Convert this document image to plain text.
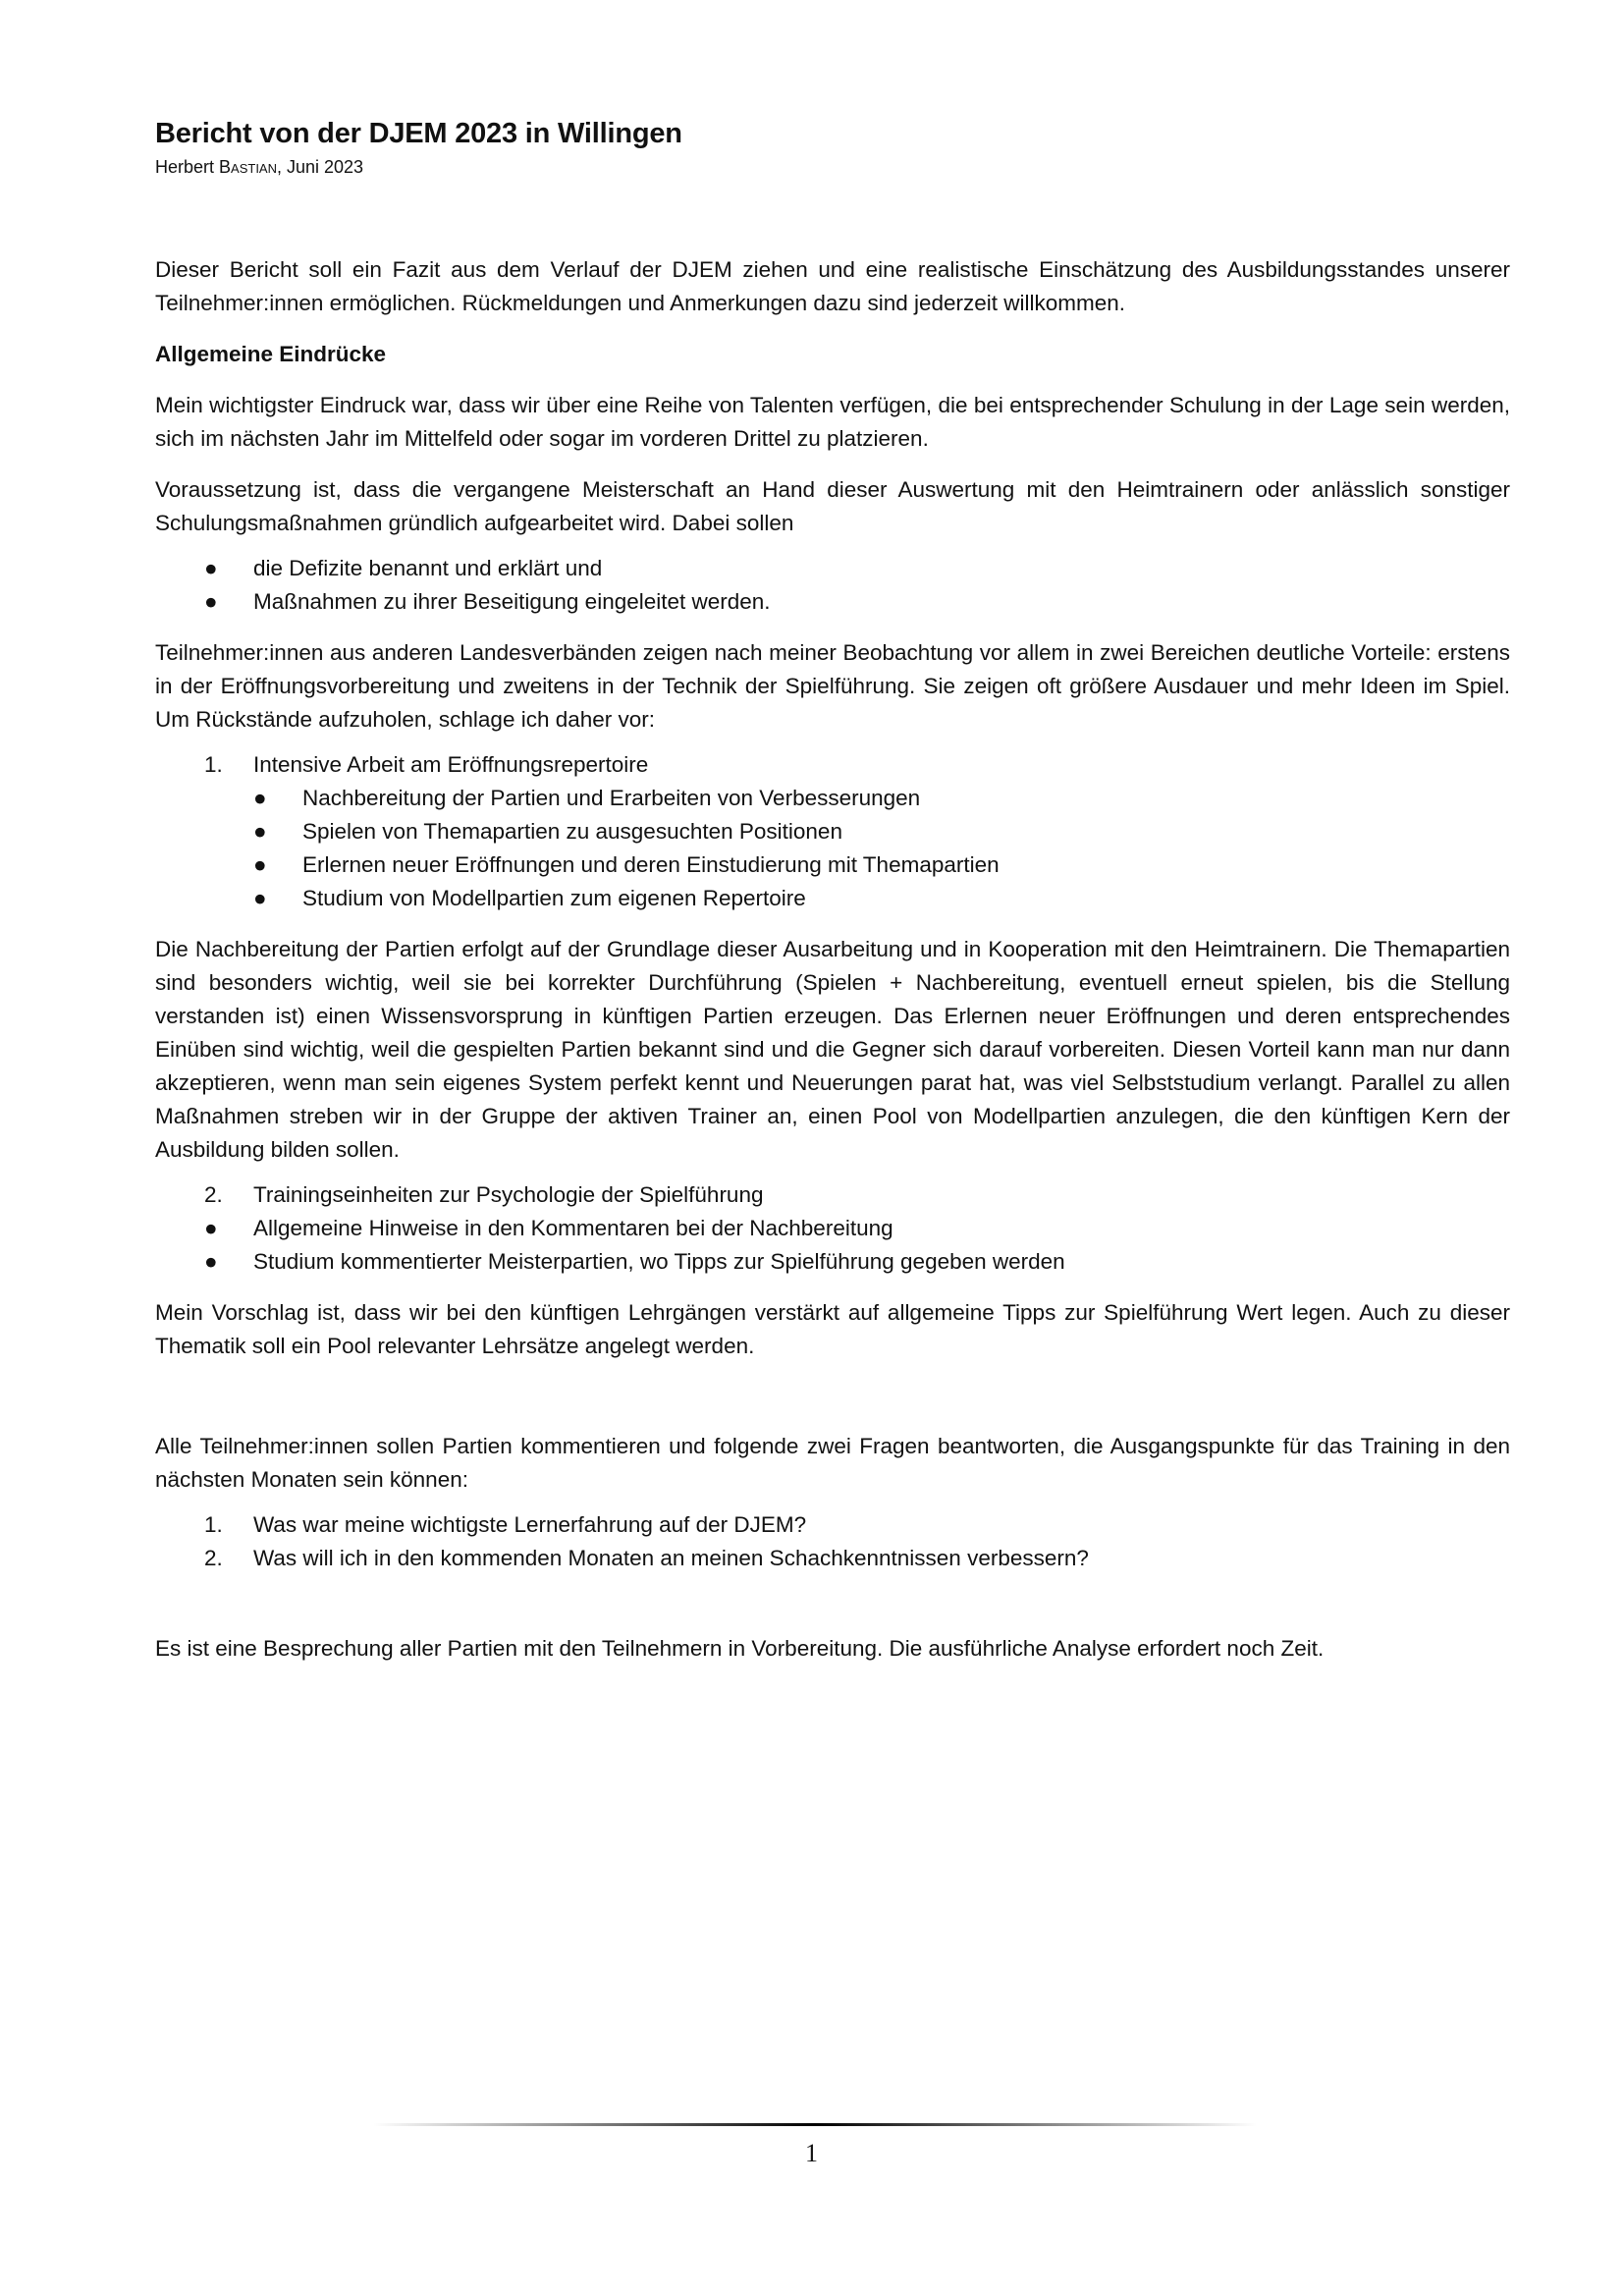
Bericht von der DJEM 2023 in Willingen
Herbert Bastian, Juni 2023

Dieser Bericht soll ein Fazit aus dem Verlauf der DJEM ziehen und eine realistische Einschätzung des Ausbildungsstandes unserer Teilnehmer:innen ermöglichen. Rückmeldungen und Anmerkungen dazu sind jederzeit willkommen.

Allgemeine Eindrücke

Mein wichtigster Eindruck war, dass wir über eine Reihe von Talenten verfügen, die bei entsprechender Schulung in der Lage sein werden, sich im nächsten Jahr im Mittelfeld oder sogar im vorderen Drittel zu platzieren.

Voraussetzung ist, dass die vergangene Meisterschaft an Hand dieser Auswertung mit den Heimtrainern oder anlässlich sonstiger Schulungsmaßnahmen gründlich aufgearbeitet wird. Dabei sollen

● die Defizite benannt und erklärt und
● Maßnahmen zu ihrer Beseitigung eingeleitet werden.

Teilnehmer:innen aus anderen Landesverbänden zeigen nach meiner Beobachtung vor allem in zwei Bereichen deutliche Vorteile: erstens in der Eröffnungsvorbereitung und zweitens in der Technik der Spielführung. Sie zeigen oft größere Ausdauer und mehr Ideen im Spiel. Um Rückstände aufzuholen, schlage ich daher vor:

1. Intensive Arbeit am Eröffnungsrepertoire
● Nachbereitung der Partien und Erarbeiten von Verbesserungen
● Spielen von Themapartien zu ausgesuchten Positionen
● Erlernen neuer Eröffnungen und deren Einstudierung mit Themapartien
● Studium von Modellpartien zum eigenen Repertoire

Die Nachbereitung der Partien erfolgt auf der Grundlage dieser Ausarbeitung und in Kooperation mit den Heimtrainern. Die Themapartien sind besonders wichtig, weil sie bei korrekter Durchführung (Spielen + Nachbereitung, eventuell erneut spielen, bis die Stellung verstanden ist) einen Wissensvorsprung in künftigen Partien erzeugen. Das Erlernen neuer Eröffnungen und deren entsprechendes Einüben sind wichtig, weil die gespielten Partien bekannt sind und die Gegner sich darauf vorbereiten. Diesen Vorteil kann man nur dann akzeptieren, wenn man sein eigenes System perfekt kennt und Neuerungen parat hat, was viel Selbststudium verlangt. Parallel zu allen Maßnahmen streben wir in der Gruppe der aktiven Trainer an, einen Pool von Modellpartien anzulegen, die den künftigen Kern der Ausbildung bilden sollen.

2. Trainingseinheiten zur Psychologie der Spielführung
● Allgemeine Hinweise in den Kommentaren bei der Nachbereitung
● Studium kommentierter Meisterpartien, wo Tipps zur Spielführung gegeben werden

Mein Vorschlag ist, dass wir bei den künftigen Lehrgängen verstärkt auf allgemeine Tipps zur Spielführung Wert legen. Auch zu dieser Thematik soll ein Pool relevanter Lehrsätze angelegt werden.

Alle Teilnehmer:innen sollen Partien kommentieren und folgende zwei Fragen beantworten, die Ausgangspunkte für das Training in den nächsten Monaten sein können:

1. Was war meine wichtigste Lernerfahrung auf der DJEM?
2. Was will ich in den kommenden Monaten an meinen Schachkenntnissen verbessern?

Es ist eine Besprechung aller Partien mit den Teilnehmern in Vorbereitung. Die ausführliche Analyse erfordert noch Zeit.

1
